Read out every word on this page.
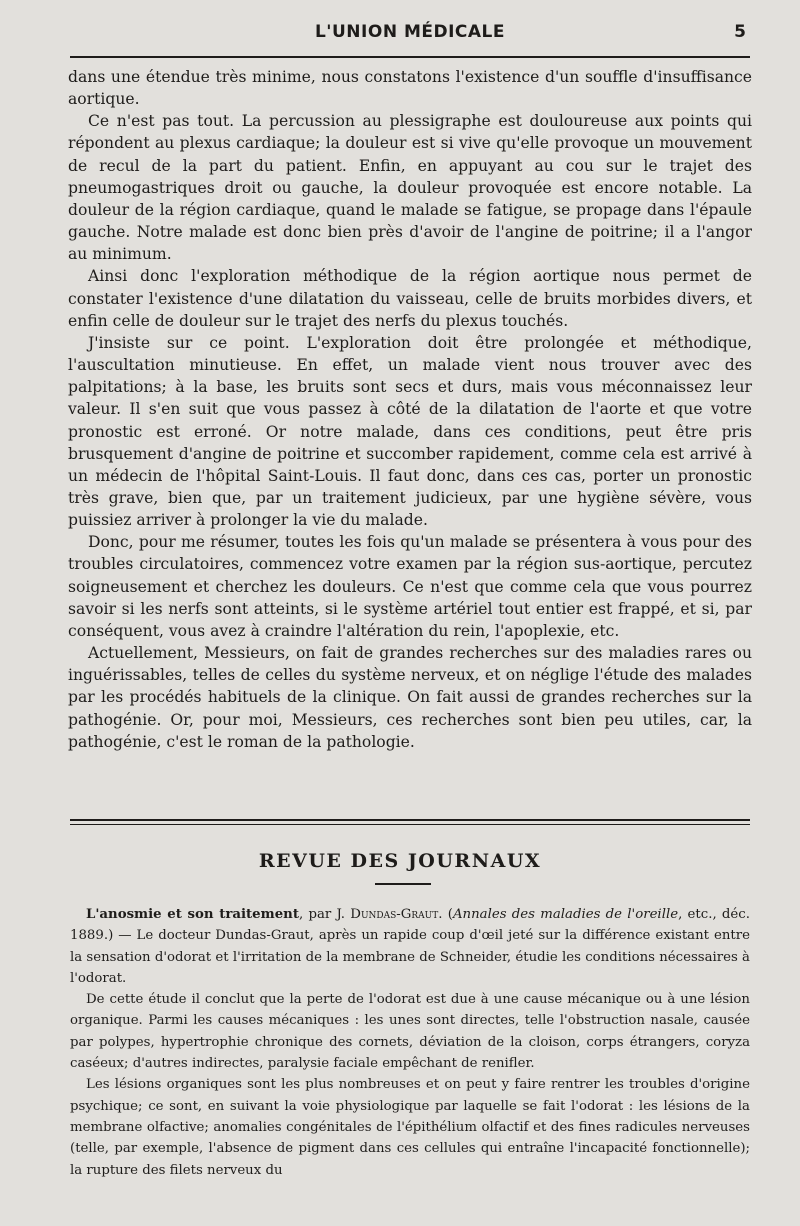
L'UNION MÉDICALE	5

dans une étendue très minime, nous constatons l'existence d'un souffle d'insuffisance aortique.

Ce n'est pas tout. La percussion au plessigraphe est douloureuse aux points qui répondent au plexus cardiaque; la douleur est si vive qu'elle provoque un mouvement de recul de la part du patient. Enfin, en appuyant au cou sur le trajet des pneumogastriques droit ou gauche, la douleur provoquée est encore notable. La douleur de la région cardiaque, quand le malade se fatigue, se propage dans l'épaule gauche. Notre malade est donc bien près d'avoir de l'angine de poitrine; il a l'angor au minimum.

Ainsi donc l'exploration méthodique de la région aortique nous permet de constater l'existence d'une dilatation du vaisseau, celle de bruits morbides divers, et enfin celle de douleur sur le trajet des nerfs du plexus touchés.

J'insiste sur ce point. L'exploration doit être prolongée et méthodique, l'auscultation minutieuse. En effet, un malade vient nous trouver avec des palpitations; à la base, les bruits sont secs et durs, mais vous méconnaissez leur valeur. Il s'en suit que vous passez à côté de la dilatation de l'aorte et que votre pronostic est erroné. Or notre malade, dans ces conditions, peut être pris brusquement d'angine de poitrine et succomber rapidement, comme cela est arrivé à un médecin de l'hôpital Saint-Louis. Il faut donc, dans ces cas, porter un pronostic très grave, bien que, par un traitement judicieux, par une hygiène sévère, vous puissiez arriver à prolonger la vie du malade.

Donc, pour me résumer, toutes les fois qu'un malade se présentera à vous pour des troubles circulatoires, commencez votre examen par la région sus-aortique, percutez soigneusement et cherchez les douleurs. Ce n'est que comme cela que vous pourrez savoir si les nerfs sont atteints, si le système artériel tout entier est frappé, et si, par conséquent, vous avez à craindre l'altération du rein, l'apoplexie, etc.

Actuellement, Messieurs, on fait de grandes recherches sur des maladies rares ou inguérissables, telles de celles du système nerveux, et on néglige l'étude des malades par les procédés habituels de la clinique. On fait aussi de grandes recherches sur la pathogénie. Or, pour moi, Messieurs, ces recherches sont bien peu utiles, car, la pathogénie, c'est le roman de la pathologie.

REVUE DES JOURNAUX

L'anosmie et son traitement, par J. Dundas-Graut. (Annales des maladies de l'oreille, etc., déc. 1889.) — Le docteur Dundas-Graut, après un rapide coup d'œil jeté sur la différence existant entre la sensation d'odorat et l'irritation de la membrane de Schneider, étudie les conditions nécessaires à l'odorat.

De cette étude il conclut que la perte de l'odorat est due à une cause mécanique ou à une lésion organique. Parmi les causes mécaniques : les unes sont directes, telle l'obstruction nasale, causée par polypes, hypertrophie chronique des cornets, déviation de la cloison, corps étrangers, coryza caséeux; d'autres indirectes, paralysie faciale empêchant de renifler.

Les lésions organiques sont les plus nombreuses et on peut y faire rentrer les troubles d'origine psychique; ce sont, en suivant la voie physiologique par laquelle se fait l'odorat : les lésions de la membrane olfactive; anomalies congénitales de l'épithélium olfactif et des fines radicules nerveuses (telle, par exemple, l'absence de pigment dans ces cellules qui entraîne l'incapacité fonctionnelle); la rupture des filets nerveux du
